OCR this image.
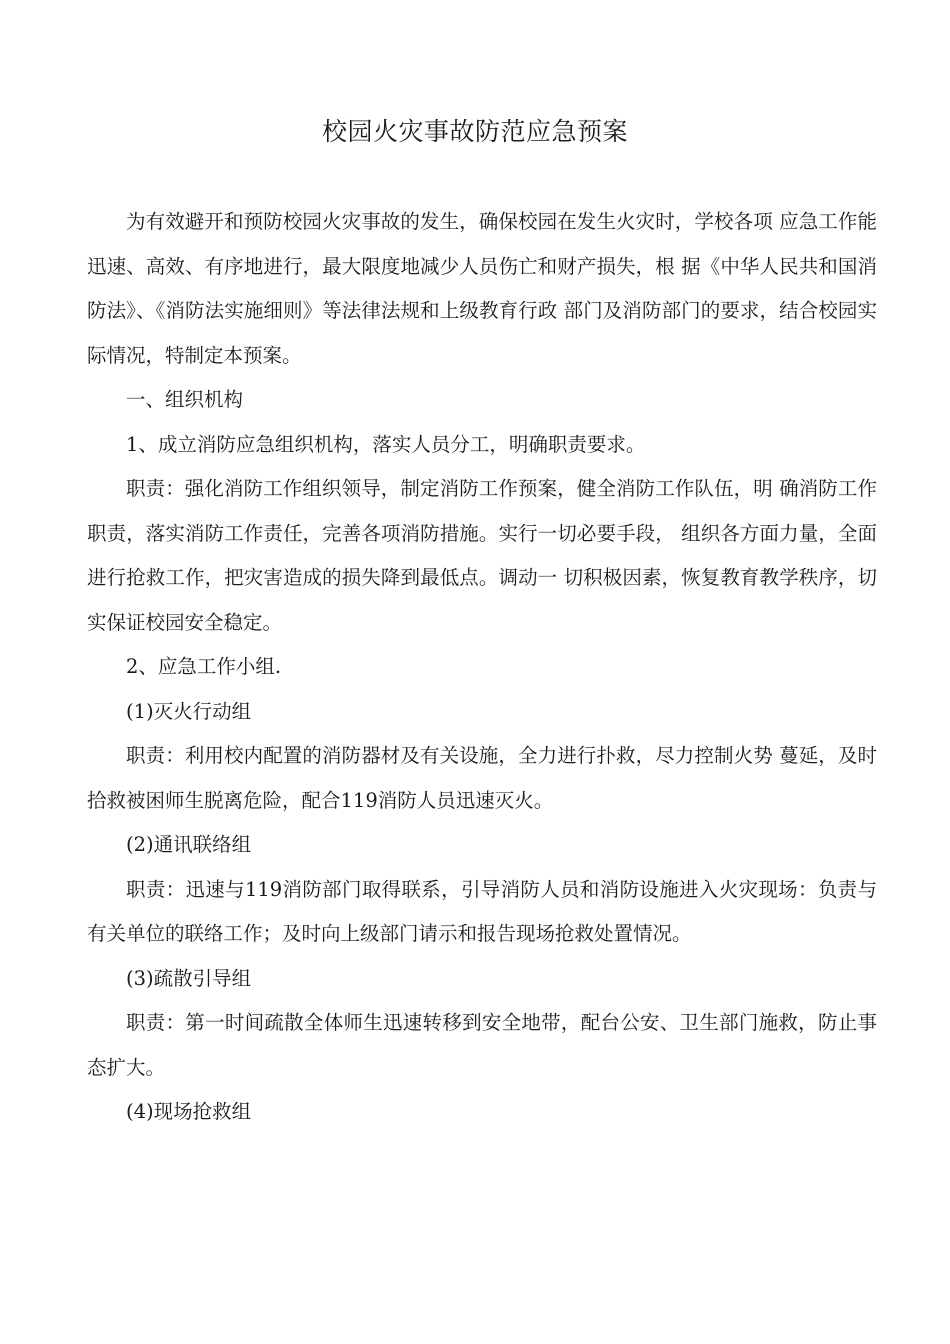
校园火灾事故防范应急预案

为有效避开和预防校园火灾事故的发生，确保校园在发生火灾时，学校各项 应急工作能迅速、高效、有序地进行，最大限度地减少人员伤亡和财产损失，根 据《中华人民共和国消防法》、《消防法实施细则》等法律法规和上级教育行政 部门及消防部门的要求，结合校园实际情况，特制定本预案。

一、组织机构

1、成立消防应急组织机构，落实人员分工，明确职责要求。

职责：强化消防工作组织领导，制定消防工作预案，健全消防工作队伍，明 确消防工作职责，落实消防工作责任，完善各项消防措施。实行一切必要手段， 组织各方面力量，全面进行抢救工作，把灾害造成的损失降到最低点。调动一 切积极因素，恢复教育教学秩序，切实保证校园安全稳定。

2、应急工作小组.

(1)灭火行动组

职责：利用校内配置的消防器材及有关设施，全力进行扑救，尽力控制火势 蔓延，及时拾救被困师生脱离危险，配合119消防人员迅速灭火。

(2)通讯联络组

职责：迅速与119消防部门取得联系，引导消防人员和消防设施进入火灾现场：负责与有关单位的联络工作；及时向上级部门请示和报告现场抢救处置情况。

(3)疏散引导组

职责：第一时间疏散全体师生迅速转移到安全地带，配台公安、卫生部门施救，防止事态扩大。

(4)现场抢救组
